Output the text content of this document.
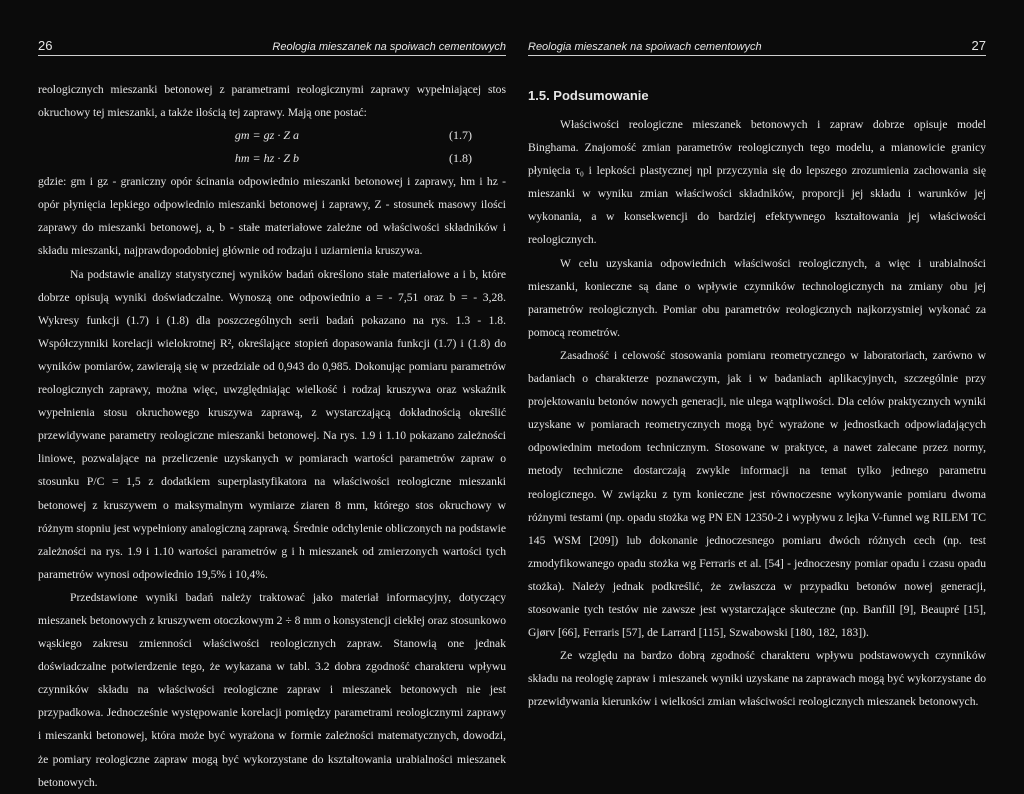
26	Reologia mieszanek na spoiwach cementowych

reologicznych mieszanki betonowej z parametrami reologicznymi zaprawy wypełniającej stos okruchowy tej mieszanki, a także ilością tej zaprawy. Mają one postać:

gm = gz · Z a	(1.7)
hm = hz · Z b	(1.8)

gdzie: gm i gz - graniczny opór ścinania odpowiednio mieszanki betonowej i zaprawy, hm i hz - opór płynięcia lepkiego odpowiednio mieszanki betonowej i zaprawy, Z - stosunek masowy ilości zaprawy do mieszanki betonowej, a, b - stałe materiałowe zależne od właściwości składników i składu mieszanki, najprawdopodobniej głównie od rodzaju i uziarnienia kruszywa.

Na podstawie analizy statystycznej wyników badań określono stałe materiałowe a i b, które dobrze opisują wyniki doświadczalne. Wynoszą one odpowiednio a = - 7,51 oraz b = - 3,28. Wykresy funkcji (1.7) i (1.8) dla poszczególnych serii badań pokazano na rys. 1.3 - 1.8. Współczynniki korelacji wielokrotnej R², określające stopień dopasowania funkcji (1.7) i (1.8) do wyników pomiarów, zawierają się w przedziale od 0,943 do 0,985. Dokonując pomiaru parametrów reologicznych zaprawy, można więc, uwzględniając wielkość i rodzaj kruszywa oraz wskaźnik wypełnienia stosu okruchowego kruszywa zaprawą, z wystarczającą dokładnością określić przewidywane parametry reologiczne mieszanki betonowej. Na rys. 1.9 i 1.10 pokazano zależności liniowe, pozwalające na przeliczenie uzyskanych w pomiarach wartości parametrów zapraw o stosunku P/C = 1,5 z dodatkiem superplastyfikatora na właściwości reologiczne mieszanki betonowej z kruszywem o maksymalnym wymiarze ziaren 8 mm, którego stos okruchowy w różnym stopniu jest wypełniony analogiczną zaprawą. Średnie odchylenie obliczonych na podstawie zależności na rys. 1.9 i 1.10 wartości parametrów g i h mieszanek od zmierzonych wartości tych parametrów wynosi odpowiednio 19,5% i 10,4%.

Przedstawione wyniki badań należy traktować jako materiał informacyjny, dotyczący mieszanek betonowych z kruszywem otoczkowym 2 ÷ 8 mm o konsystencji ciekłej oraz stosunkowo wąskiego zakresu zmienności właściwości reologicznych zapraw. Stanowią one jednak doświadczalne potwierdzenie tego, że wykazana w tabl. 3.2 dobra zgodność charakteru wpływu czynników składu na właściwości reologiczne zapraw i mieszanek betonowych nie jest przypadkowa. Jednocześnie występowanie korelacji pomiędzy parametrami reologicznymi zaprawy i mieszanki betonowej, która może być wyrażona w formie zależności matematycznych, dowodzi, że pomiary reologiczne zapraw mogą być wykorzystane do kształtowania urabialności mieszanek betonowych.

Reologia mieszanek na spoiwach cementowych	27
1.5. Podsumowanie

Właściwości reologiczne mieszanek betonowych i zapraw dobrze opisuje model Binghama. Znajomość zmian parametrów reologicznych tego modelu, a mianowicie granicy płynięcia τ₀ i lepkości plastycznej ηpl przyczynia się do lepszego zrozumienia zachowania się mieszanki w wyniku zmian właściwości składników, proporcji jej składu i warunków jej wykonania, a w konsekwencji do bardziej efektywnego kształtowania jej właściwości reologicznych.

W celu uzyskania odpowiednich właściwości reologicznych, a więc i urabialności mieszanki, konieczne są dane o wpływie czynników technologicznych na zmiany obu jej parametrów reologicznych. Pomiar obu parametrów reologicznych najkorzystniej wykonać za pomocą reometrów.

Zasadność i celowość stosowania pomiaru reometrycznego w laboratoriach, zarówno w badaniach o charakterze poznawczym, jak i w badaniach aplikacyjnych, szczególnie przy projektowaniu betonów nowych generacji, nie ulega wątpliwości. Dla celów praktycznych wyniki uzyskane w pomiarach reometrycznych mogą być wyrażone w jednostkach odpowiadających odpowiednim metodom technicznym. Stosowane w praktyce, a nawet zalecane przez normy, metody techniczne dostarczają zwykle informacji na temat tylko jednego parametru reologicznego. W związku z tym konieczne jest równoczesne wykonywanie pomiaru dwoma różnymi testami (np. opadu stożka wg PN EN 12350-2 i wypływu z lejka V-funnel wg RILEM TC 145 WSM [209]) lub dokonanie jednoczesnego pomiaru dwóch różnych cech (np. test zmodyfikowanego opadu stożka wg Ferraris et al. [54] - jednoczesny pomiar opadu i czasu opadu stożka). Należy jednak podkreślić, że zwłaszcza w przypadku betonów nowej generacji, stosowanie tych testów nie zawsze jest wystarczające skuteczne (np. Banfill [9], Beaupré [15], Gjørv [66], Ferraris [57], de Larrard [115], Szwabowski [180, 182, 183]).

Ze względu na bardzo dobrą zgodność charakteru wpływu podstawowych czynników składu na reologię zapraw i mieszanek wyniki uzyskane na zaprawach mogą być wykorzystane do przewidywania kierunków i wielkości zmian właściwości reologicznych mieszanek betonowych.
